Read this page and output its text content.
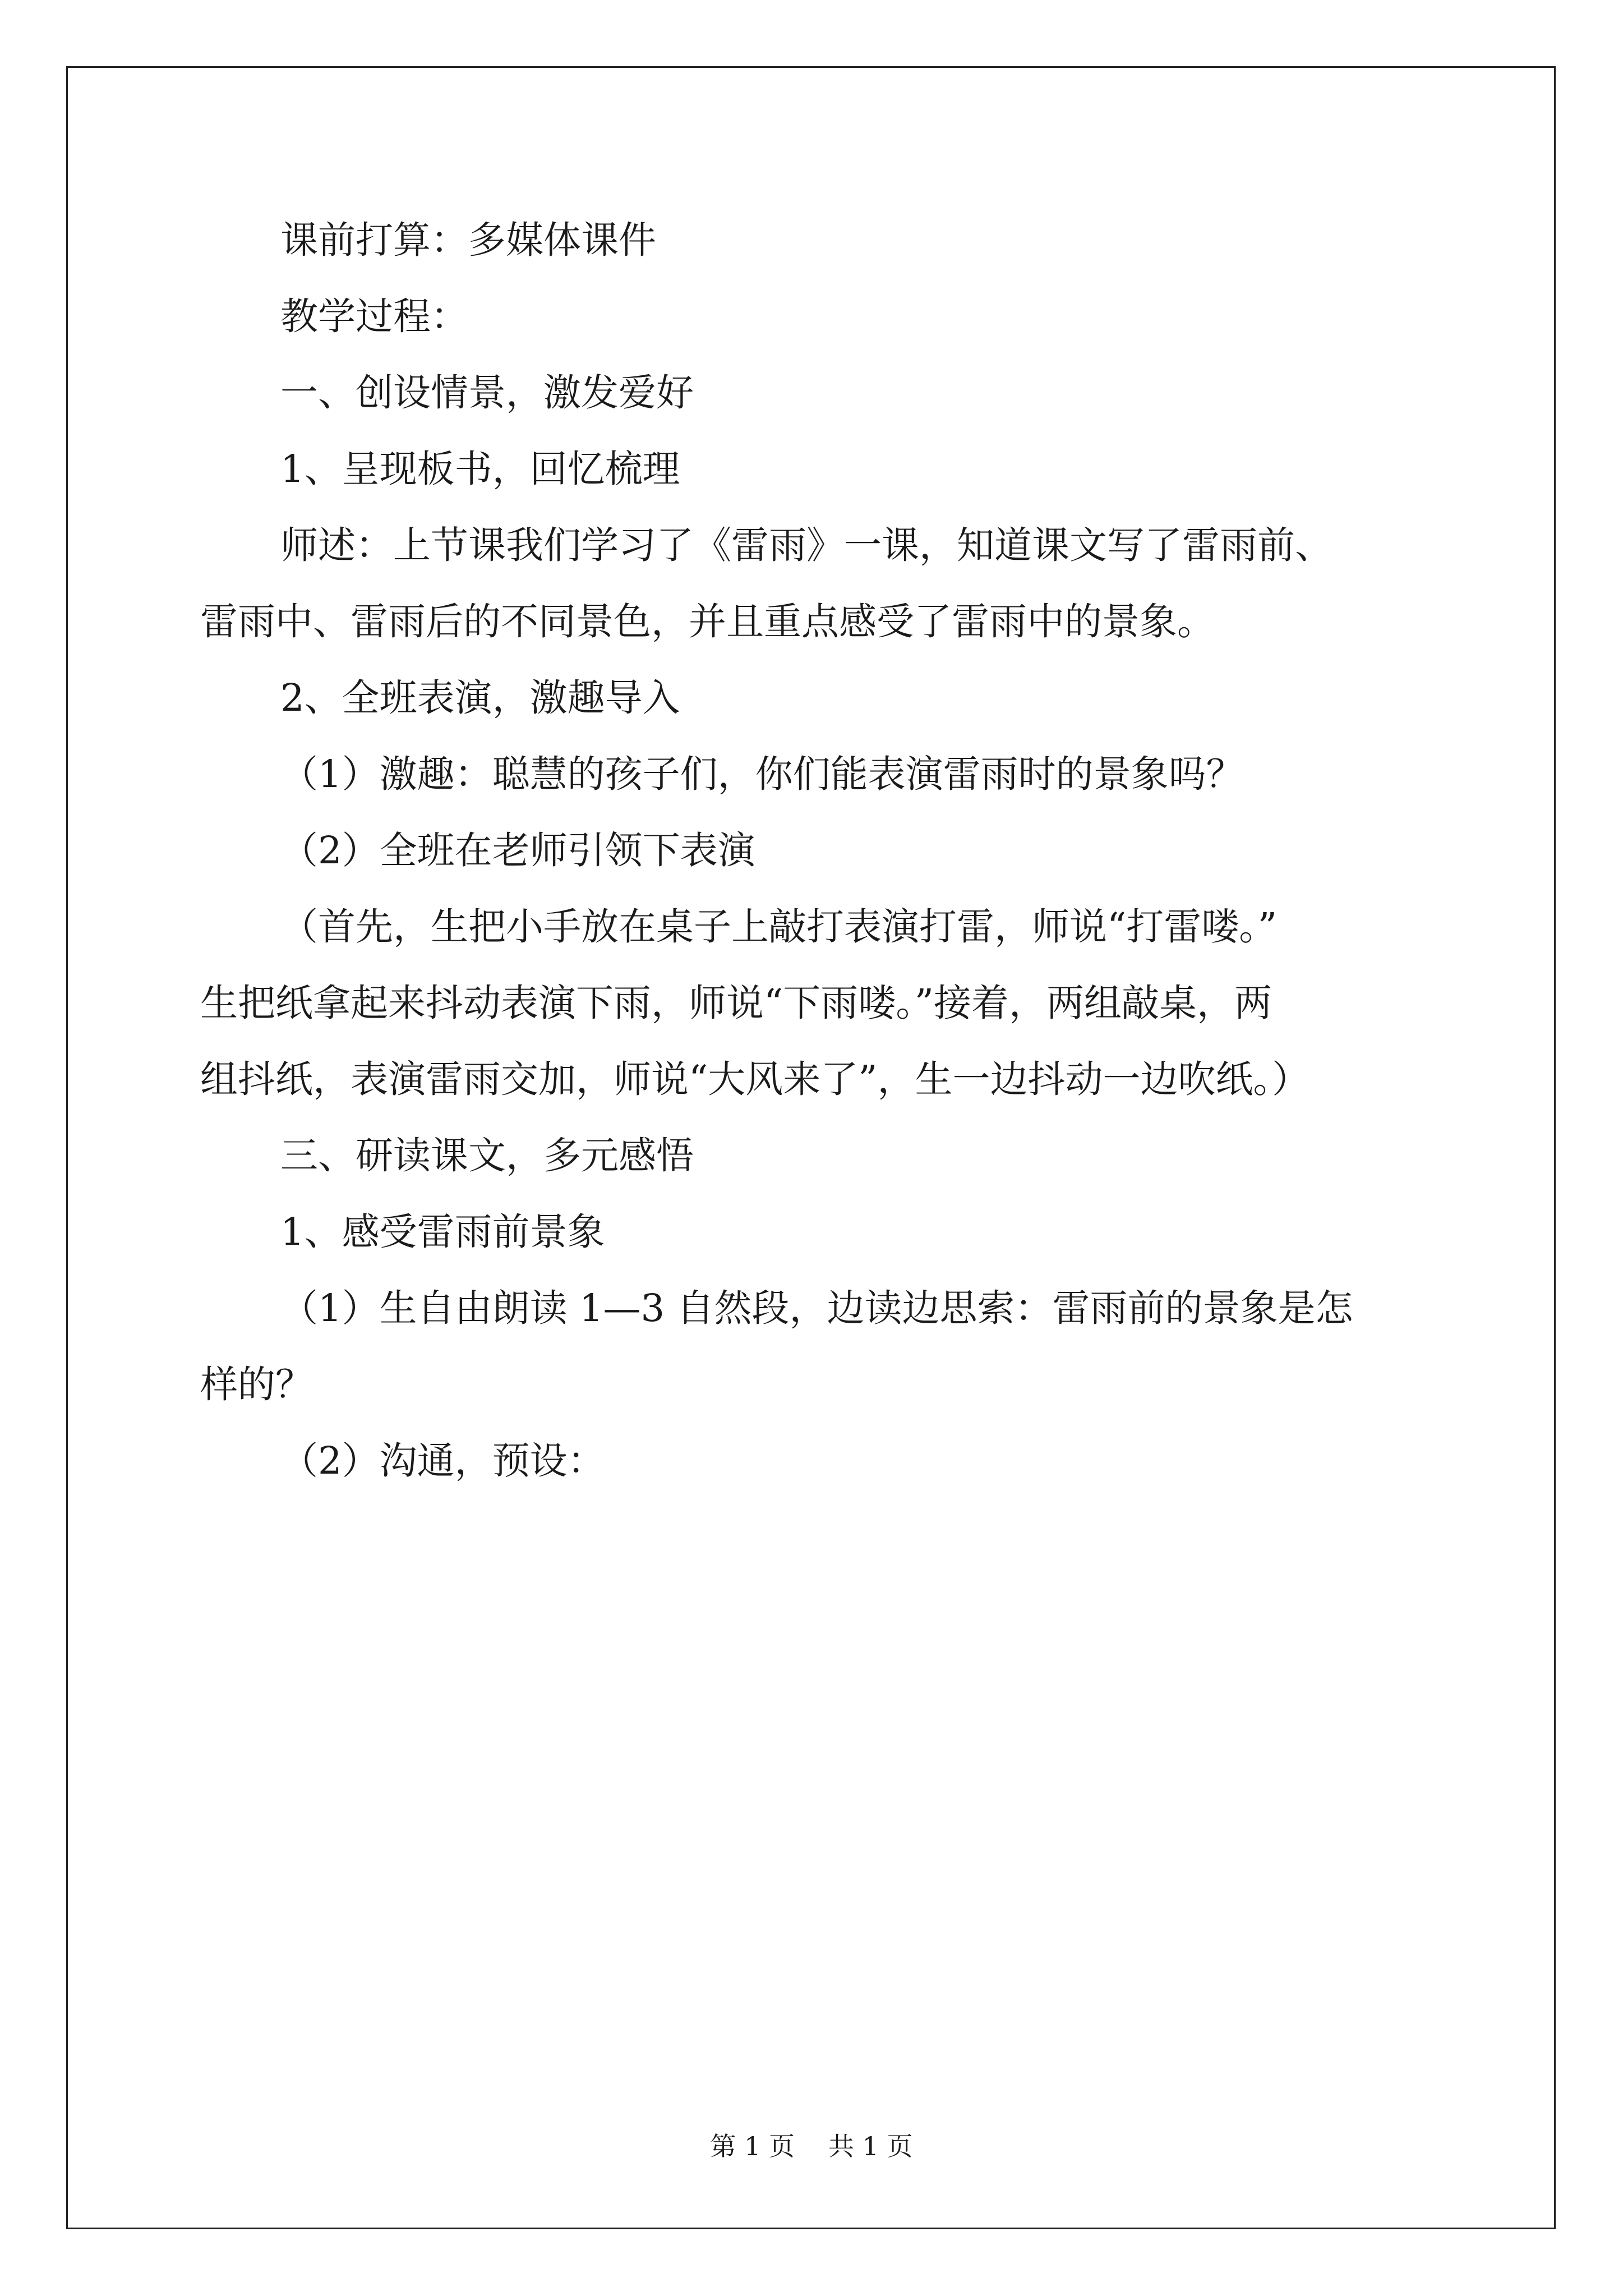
课前打算：多媒体课件
教学过程：
一、创设情景，激发爱好
1、呈现板书，回忆梳理
师述：上节课我们学习了《雷雨》一课，知道课文写了雷雨前、
雷雨中、雷雨后的不同景色，并且重点感受了雷雨中的景象。
2、全班表演，激趣导入
（1）激趣：聪慧的孩子们，你们能表演雷雨时的景象吗？
（2）全班在老师引领下表演
（首先，生把小手放在桌子上敲打表演打雷，师说“打雷喽。”
生把纸拿起来抖动表演下雨，师说“下雨喽。”接着，两组敲桌，两
组抖纸，表演雷雨交加，师说“大风来了”，生一边抖动一边吹纸。）
三、研读课文，多元感悟
1、感受雷雨前景象
（1）生自由朗读 1—3 自然段，边读边思索：雷雨前的景象是怎
样的？
（2）沟通，预设：
第 1 页 共 1 页
